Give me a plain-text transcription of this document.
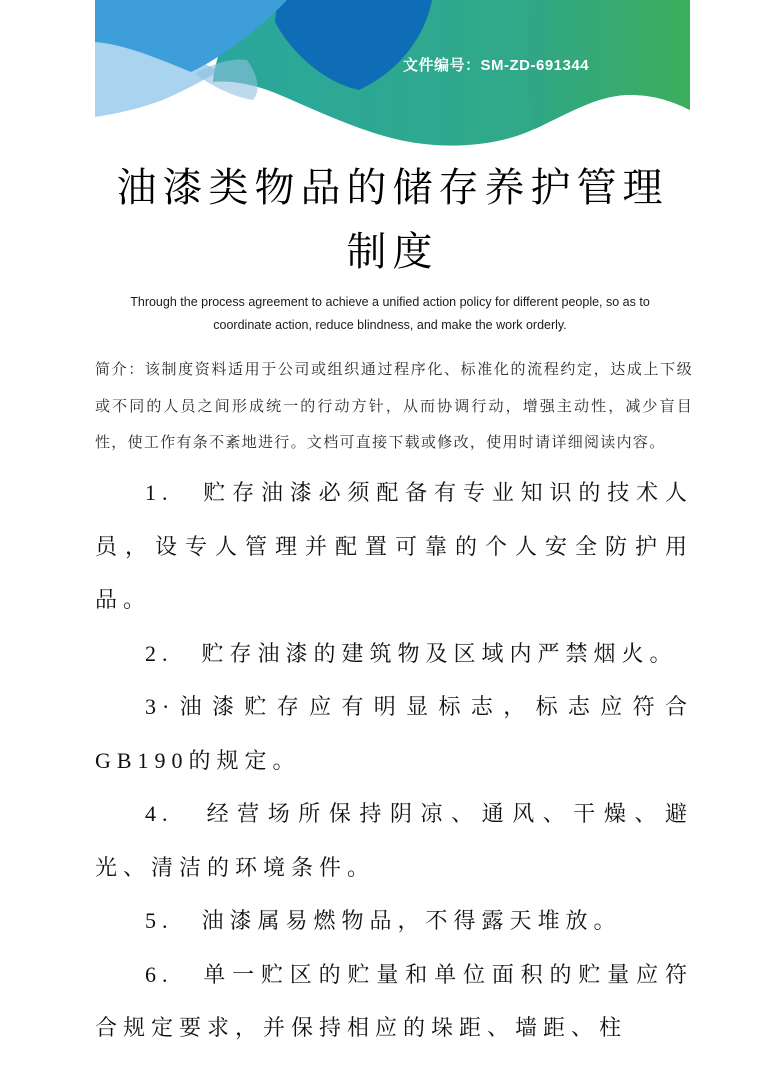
文件编号：SM-ZD-691344
油漆类物品的储存养护管理
制度

Through the process agreement to achieve a unified action policy for different people, so as to coordinate action, reduce blindness, and make the work orderly.

简介：该制度资料适用于公司或组织通过程序化、标准化的流程约定，达成上下级或不同的人员之间形成统一的行动方针，从而协调行动，增强主动性，减少盲目性，使工作有条不紊地进行。文档可直接下载或修改，使用时请详细阅读内容。

1.　贮存油漆必须配备有专业知识的技术人员，设专人管理并配置可靠的个人安全防护用品。

2.　贮存油漆的建筑物及区域内严禁烟火。

3·油漆贮存应有明显标志，标志应符合GB190的规定。

4.　经营场所保持阴凉、通风、干燥、避光、清洁的环境条件。

5.　油漆属易燃物品，不得露天堆放。

6.　单一贮区的贮量和单位面积的贮量应符合规定要求，并保持相应的垛距、墙距、柱
